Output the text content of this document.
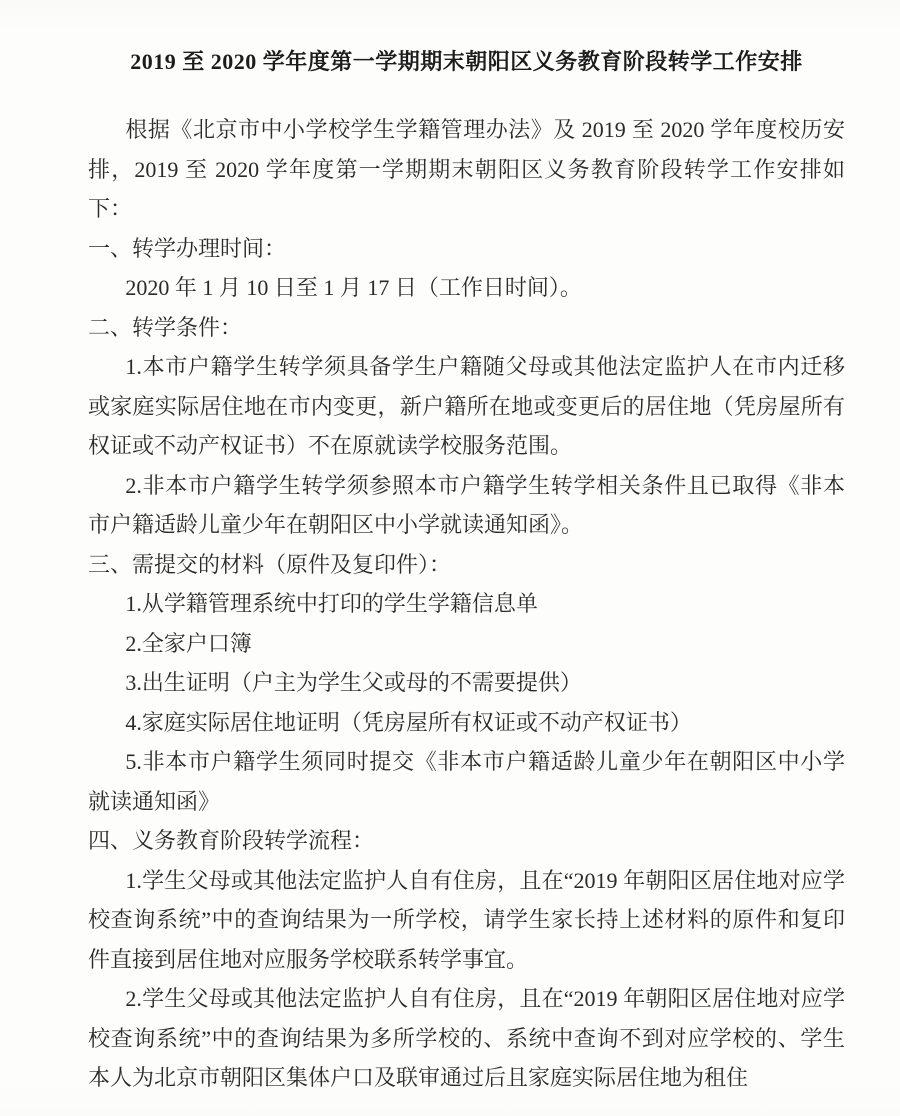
2019 至 2020 学年度第一学期期末朝阳区义务教育阶段转学工作安排

根据《北京市中小学校学生学籍管理办法》及 2019 至 2020 学年度校历安排，2019 至 2020 学年度第一学期期末朝阳区义务教育阶段转学工作安排如下：

一、转学办理时间：

2020 年 1 月 10 日至 1 月 17 日（工作日时间）。

二、转学条件：

1.本市户籍学生转学须具备学生户籍随父母或其他法定监护人在市内迁移或家庭实际居住地在市内变更，新户籍所在地或变更后的居住地（凭房屋所有权证或不动产权证书）不在原就读学校服务范围。

2.非本市户籍学生转学须参照本市户籍学生转学相关条件且已取得《非本市户籍适龄儿童少年在朝阳区中小学就读通知函》。

三、需提交的材料（原件及复印件）：

1.从学籍管理系统中打印的学生学籍信息单

2.全家户口簿

3.出生证明（户主为学生父或母的不需要提供）

4.家庭实际居住地证明（凭房屋所有权证或不动产权证书）

5.非本市户籍学生须同时提交《非本市户籍适龄儿童少年在朝阳区中小学就读通知函》

四、义务教育阶段转学流程：

1.学生父母或其他法定监护人自有住房，且在“2019 年朝阳区居住地对应学校查询系统”中的查询结果为一所学校，请学生家长持上述材料的原件和复印件直接到居住地对应服务学校联系转学事宜。

2.学生父母或其他法定监护人自有住房，且在“2019 年朝阳区居住地对应学校查询系统”中的查询结果为多所学校的、系统中查询不到对应学校的、学生本人为北京市朝阳区集体户口及联审通过后且家庭实际居住地为租住
